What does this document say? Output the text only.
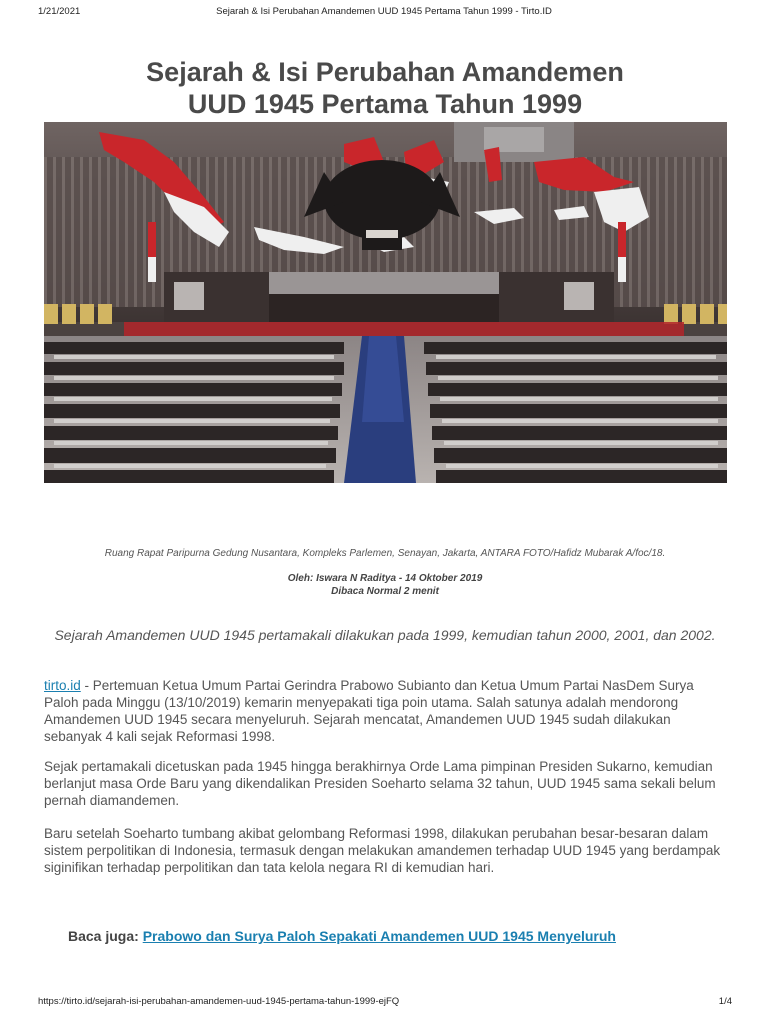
1/21/2021	Sejarah & Isi Perubahan Amandemen UUD 1945 Pertama Tahun 1999 - Tirto.ID
Sejarah & Isi Perubahan Amandemen
UUD 1945 Pertama Tahun 1999
Ruang Rapat Paripurna Gedung Nusantara, Kompleks Parlemen, Senayan, Jakarta, ANTARA FOTO/Hafidz Mubarak A/foc/18.
Oleh: Iswara N Raditya - 14 Oktober 2019
Dibaca Normal 2 menit

Sejarah Amandemen UUD 1945 pertamakali dilakukan pada 1999, kemudian tahun 2000, 2001, dan 2002.

tirto.id - Pertemuan Ketua Umum Partai Gerindra Prabowo Subianto dan Ketua Umum Partai NasDem Surya Paloh pada Minggu (13/10/2019) kemarin menyepakati tiga poin utama. Salah satunya adalah mendorong Amandemen UUD 1945 secara menyeluruh. Sejarah mencatat, Amandemen UUD 1945 sudah dilakukan sebanyak 4 kali sejak Reformasi 1998.

Sejak pertamakali dicetuskan pada 1945 hingga berakhirnya Orde Lama pimpinan Presiden Sukarno, kemudian berlanjut masa Orde Baru yang dikendalikan Presiden Soeharto selama 32 tahun, UUD 1945 sama sekali belum pernah diamandemen.

Baru setelah Soeharto tumbang akibat gelombang Reformasi 1998, dilakukan perubahan besar-besaran dalam sistem perpolitikan di Indonesia, termasuk dengan melakukan amandemen terhadap UUD 1945 yang berdampak siginifikan terhadap perpolitikan dan tata kelola negara RI di kemudian hari.

Baca juga: Prabowo dan Surya Paloh Sepakati Amandemen UUD 1945 Menyeluruh
https://tirto.id/sejarah-isi-perubahan-amandemen-uud-1945-pertama-tahun-1999-ejFQ	1/4
